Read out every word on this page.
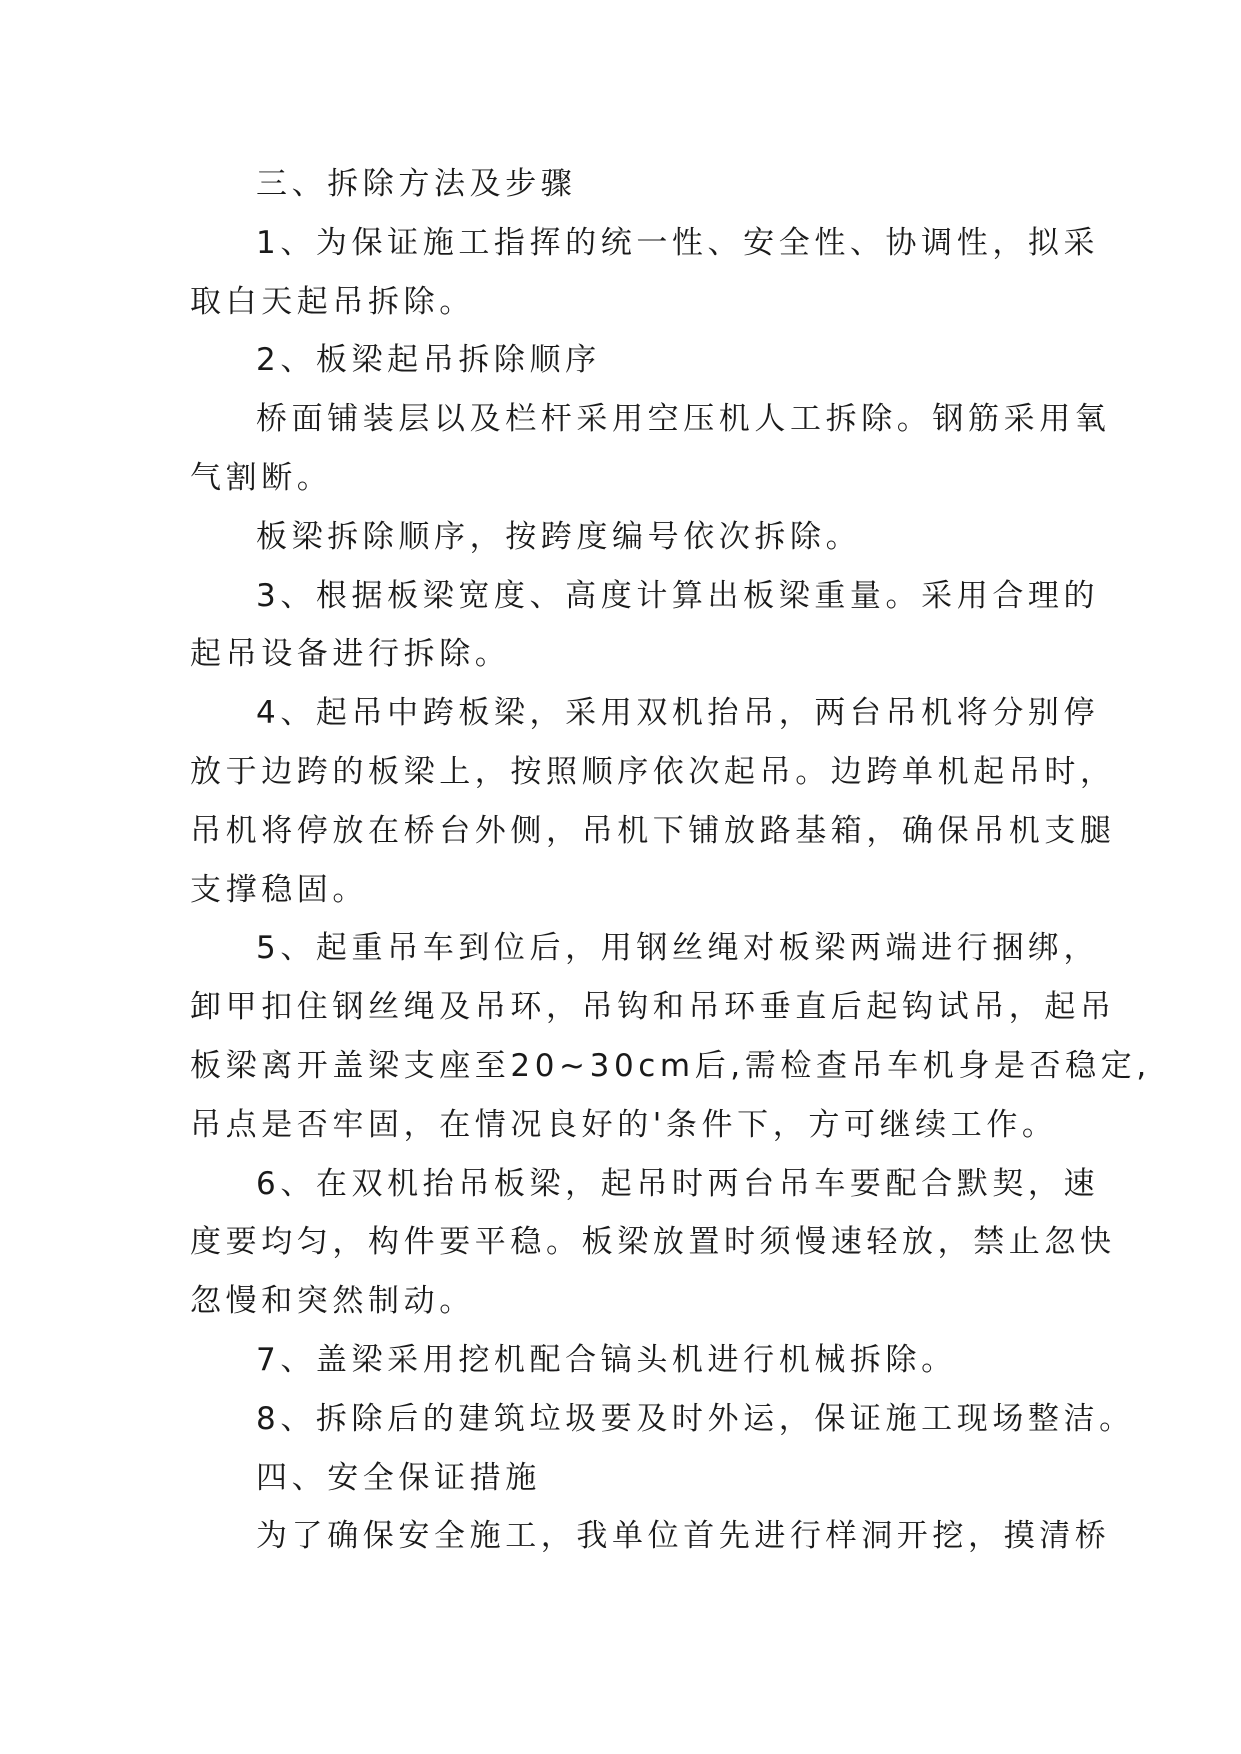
三、拆除方法及步骤
1、为保证施工指挥的统一性、安全性、协调性，拟采
取白天起吊拆除。
2、板梁起吊拆除顺序
桥面铺装层以及栏杆采用空压机人工拆除。钢筋采用氧
气割断。
板梁拆除顺序，按跨度编号依次拆除。
3、根据板梁宽度、高度计算出板梁重量。采用合理的
起吊设备进行拆除。
4、起吊中跨板梁，采用双机抬吊，两台吊机将分别停
放于边跨的板梁上，按照顺序依次起吊。边跨单机起吊时，
吊机将停放在桥台外侧，吊机下铺放路基箱，确保吊机支腿
支撑稳固。
5、起重吊车到位后，用钢丝绳对板梁两端进行捆绑，
卸甲扣住钢丝绳及吊环，吊钩和吊环垂直后起钩试吊，起吊
板梁离开盖梁支座至20~30cm后,需检查吊车机身是否稳定,
吊点是否牢固，在情况良好的'条件下，方可继续工作。
6、在双机抬吊板梁，起吊时两台吊车要配合默契，速
度要均匀，构件要平稳。板梁放置时须慢速轻放，禁止忽快
忽慢和突然制动。
7、盖梁采用挖机配合镐头机进行机械拆除。
8、拆除后的建筑垃圾要及时外运，保证施工现场整洁。
四、安全保证措施
为了确保安全施工，我单位首先进行样洞开挖，摸清桥
